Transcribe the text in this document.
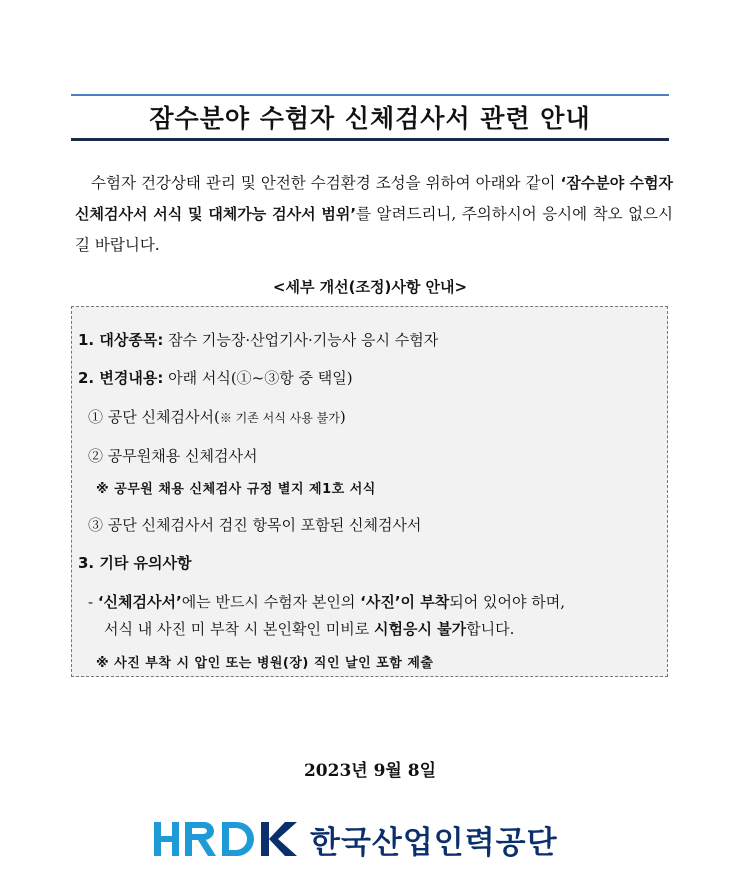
잠수분야 수험자 신체검사서 관련 안내
수험자 건강상태 관리 및 안전한 수검환경 조성을 위하여 아래와 같이 ‘잠수분야 수험자 신체검사서 서식 및 대체가능 검사서 범위’를 알려드리니, 주의하시어 응시에 착오 없으시길 바랍니다.
<세부 개선(조정)사항 안내>
1. 대상종목: 잠수 기능장·산업기사·기능사 응시 수험자
2. 변경내용: 아래 서식(①~③항 중 택일)
① 공단 신체검사서(※ 기존 서식 사용 불가)
② 공무원채용 신체검사서
※ 공무원 채용 신체검사 규정 별지 제1호 서식
③ 공단 신체검사서 검진 항목이 포함된 신체검사서
3. 기타 유의사항
- ‘신체검사서’에는 반드시 수험자 본인의 ‘사진’이 부착되어 있어야 하며,
서식 내 사진 미 부착 시 본인확인 미비로 시험응시 불가합니다.
※ 사진 부착 시 압인 또는 병원(장) 직인 날인 포함 제출
2023년 9월 8일
한국산업인력공단
